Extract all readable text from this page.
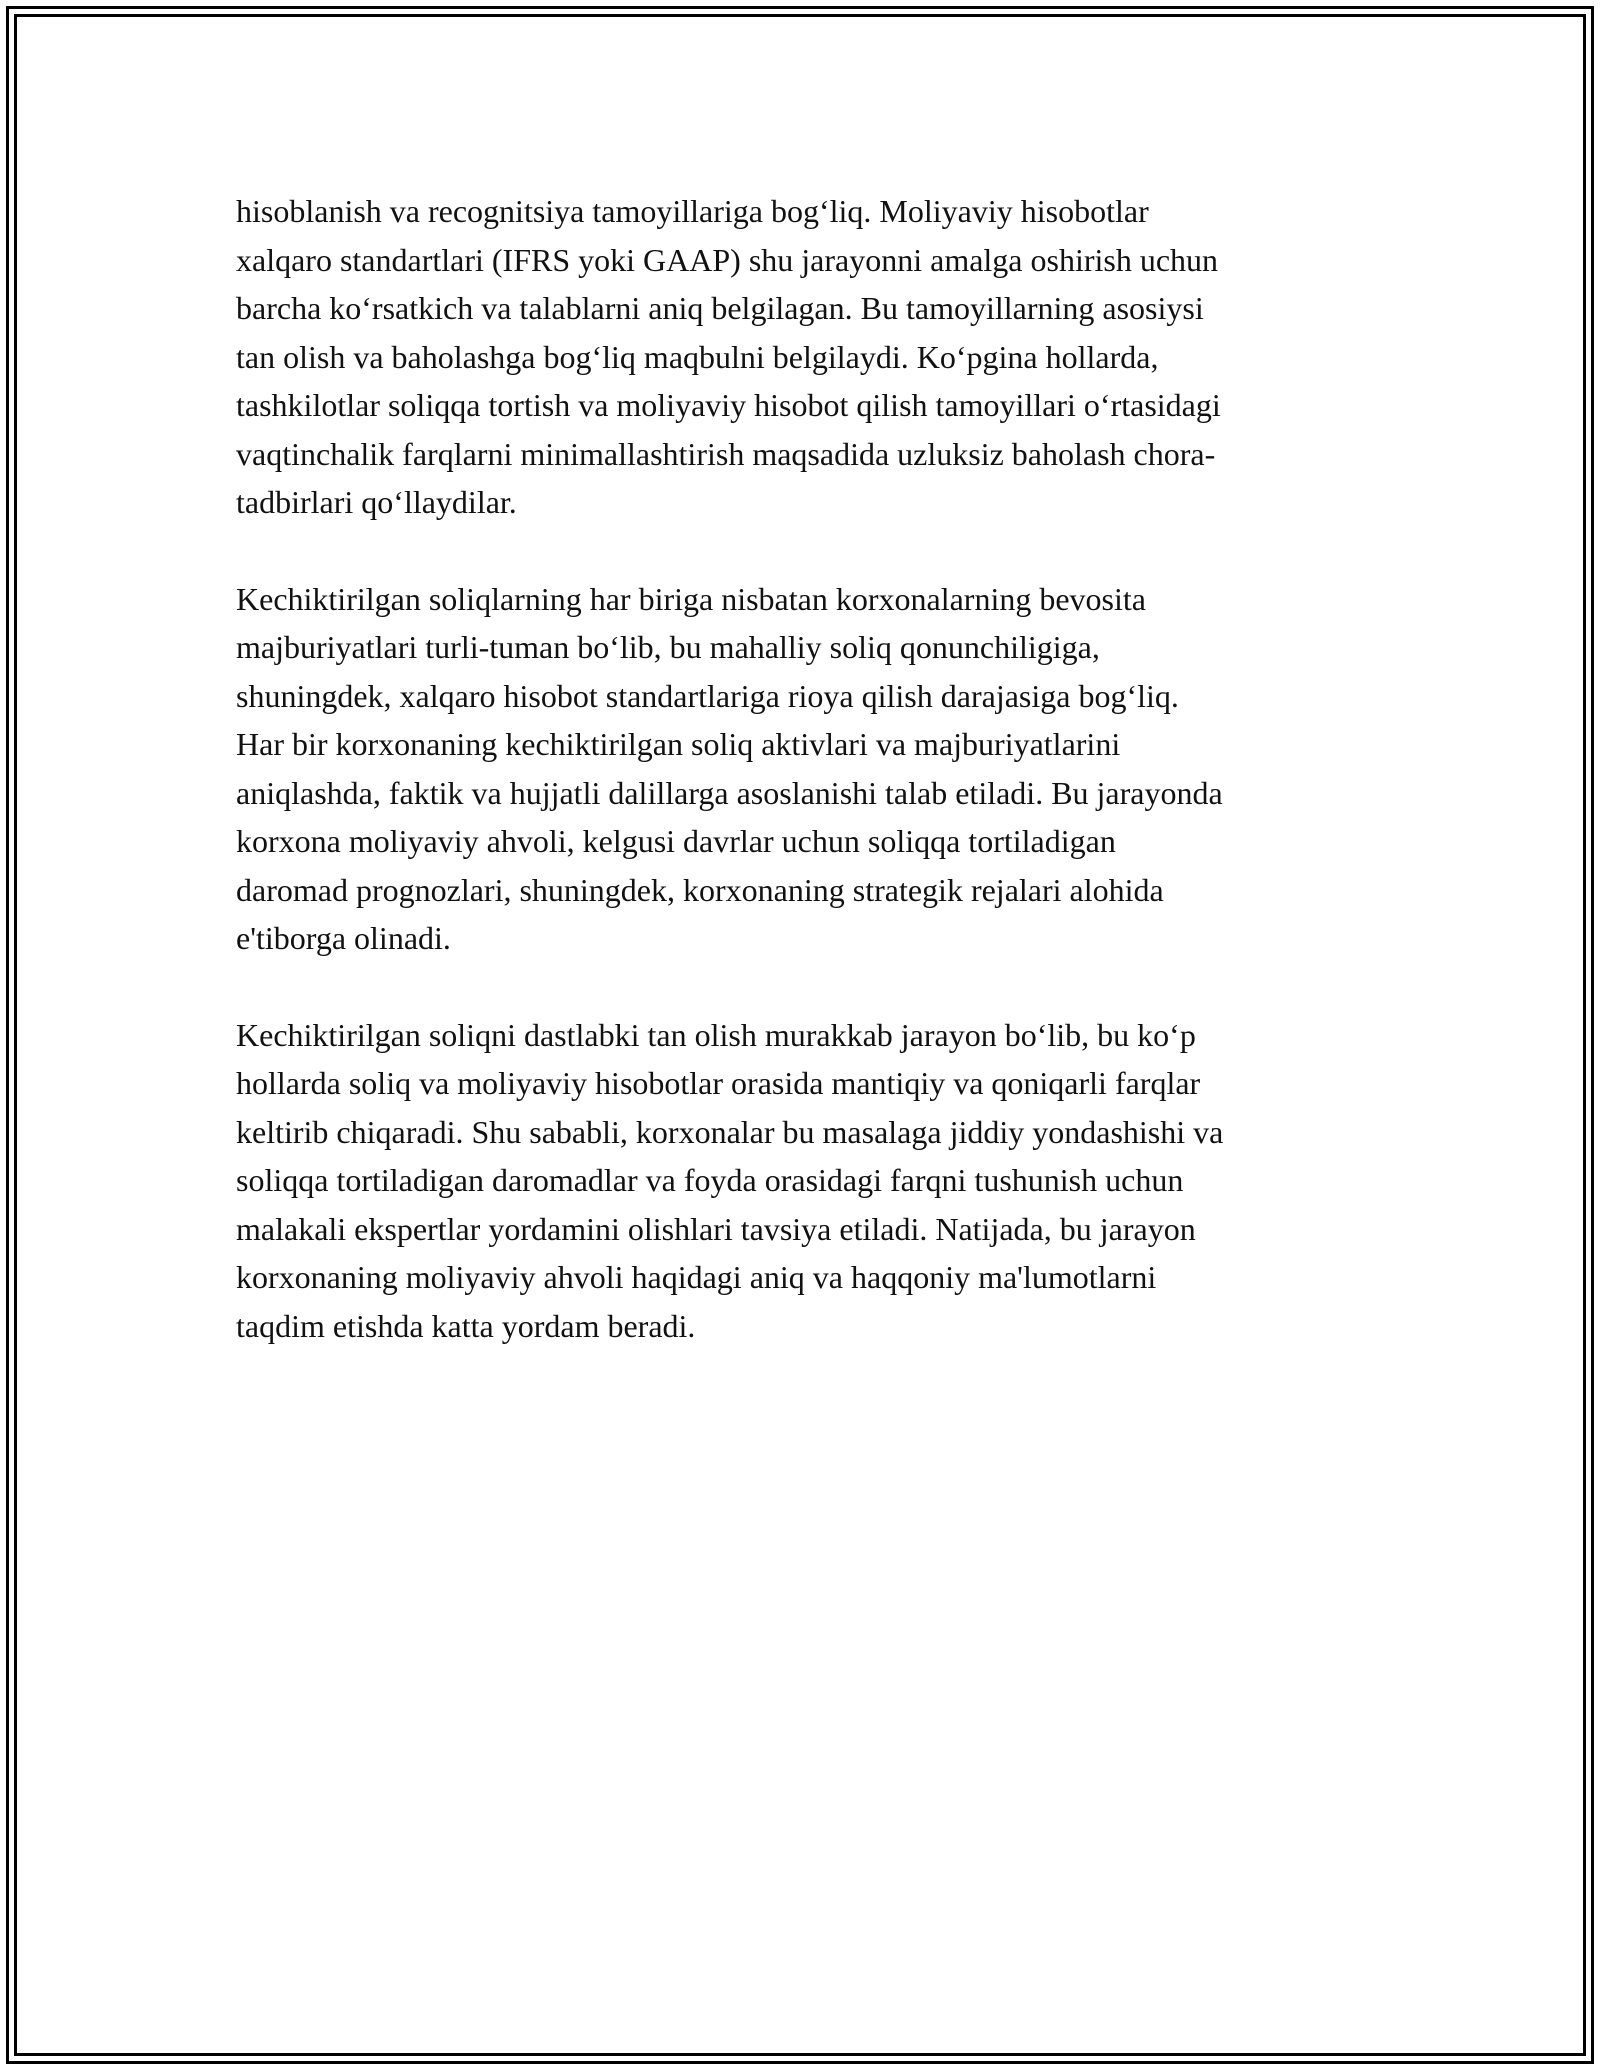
hisoblanish va recognitsiya tamoyillariga bog‘liq. Moliyaviy hisobotlar
xalqaro standartlari (IFRS yoki GAAP) shu jarayonni amalga oshirish uchun
barcha ko‘rsatkich va talablarni aniq belgilagan. Bu tamoyillarning asosiysi
tan olish va baholashga bog‘liq maqbulni belgilaydi. Ko‘pgina hollarda,
tashkilotlar soliqqa tortish va moliyaviy hisobot qilish tamoyillari o‘rtasidagi
vaqtinchalik farqlarni minimallashtirish maqsadida uzluksiz baholash chora-
tadbirlari qo‘llaydilar.

Kechiktirilgan soliqlarning har biriga nisbatan korxonalarning bevosita
majburiyatlari turli-tuman bo‘lib, bu mahalliy soliq qonunchiligiga,
shuningdek, xalqaro hisobot standartlariga rioya qilish darajasiga bog‘liq.
Har bir korxonaning kechiktirilgan soliq aktivlari va majburiyatlarini
aniqlashda, faktik va hujjatli dalillarga asoslanishi talab etiladi. Bu jarayonda
korxona moliyaviy ahvoli, kelgusi davrlar uchun soliqqa tortiladigan
daromad prognozlari, shuningdek, korxonaning strategik rejalari alohida
e'tiborga olinadi.

Kechiktirilgan soliqni dastlabki tan olish murakkab jarayon bo‘lib, bu ko‘p
hollarda soliq va moliyaviy hisobotlar orasida mantiqiy va qoniqarli farqlar
keltirib chiqaradi. Shu sababli, korxonalar bu masalaga jiddiy yondashishi va
soliqqa tortiladigan daromadlar va foyda orasidagi farqni tushunish uchun
malakali ekspertlar yordamini olishlari tavsiya etiladi. Natijada, bu jarayon
korxonaning moliyaviy ahvoli haqidagi aniq va haqqoniy ma'lumotlarni
taqdim etishda katta yordam beradi.
